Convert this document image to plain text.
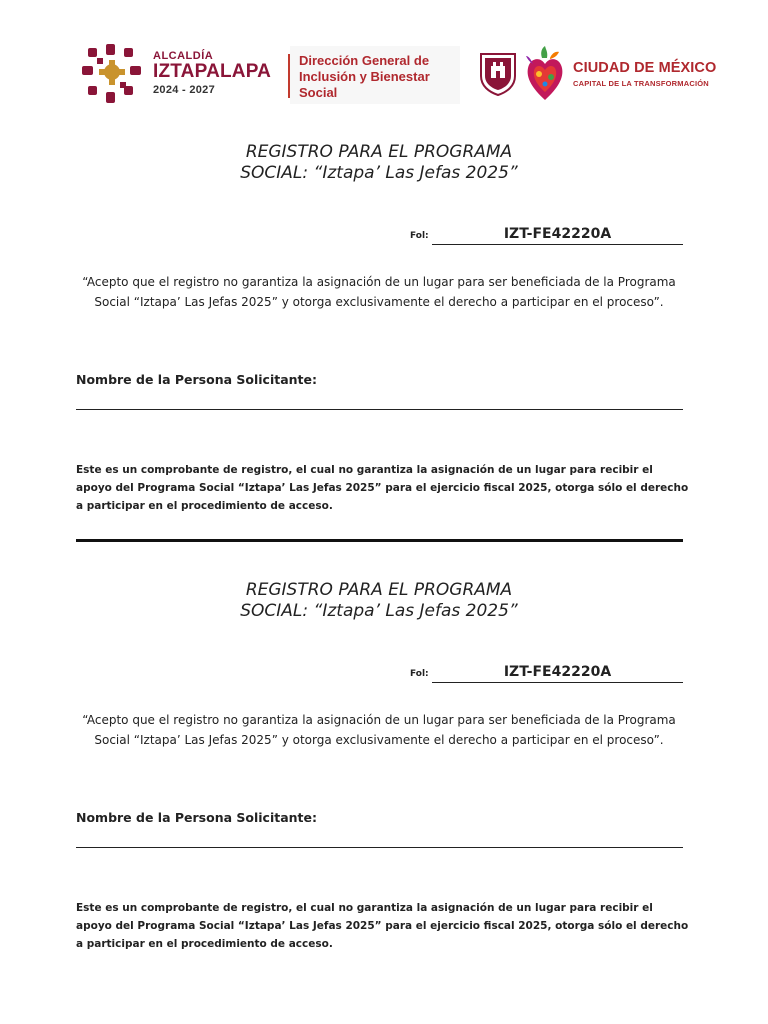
ALCALDÍA
IZTAPALAPA
2024 - 2027
Dirección General de
Inclusión y Bienestar
Social
CIUDAD DE MÉXICO
CAPITAL DE LA TRANSFORMACIÓN
REGISTRO PARA EL PROGRAMA
SOCIAL: “Iztapa’ Las Jefas 2025”
Fol:	IZT-FE42220A
“Acepto que el registro no garantiza la asignación de un lugar para ser beneficiada de la Programa Social “Iztapa’ Las Jefas 2025” y otorga exclusivamente el derecho a participar en el proceso”.
Nombre de la Persona Solicitante:
Este es un comprobante de registro, el cual no garantiza la asignación de un lugar para recibir el apoyo del Programa Social “Iztapa’ Las Jefas 2025” para el ejercicio fiscal 2025, otorga sólo el derecho a participar en el procedimiento de acceso.
REGISTRO PARA EL PROGRAMA
SOCIAL: “Iztapa’ Las Jefas 2025”
Fol:	IZT-FE42220A
“Acepto que el registro no garantiza la asignación de un lugar para ser beneficiada de la Programa Social “Iztapa’ Las Jefas 2025” y otorga exclusivamente el derecho a participar en el proceso”.
Nombre de la Persona Solicitante:
Este es un comprobante de registro, el cual no garantiza la asignación de un lugar para recibir el apoyo del Programa Social “Iztapa’ Las Jefas 2025” para el ejercicio fiscal 2025, otorga sólo el derecho a participar en el procedimiento de acceso.
